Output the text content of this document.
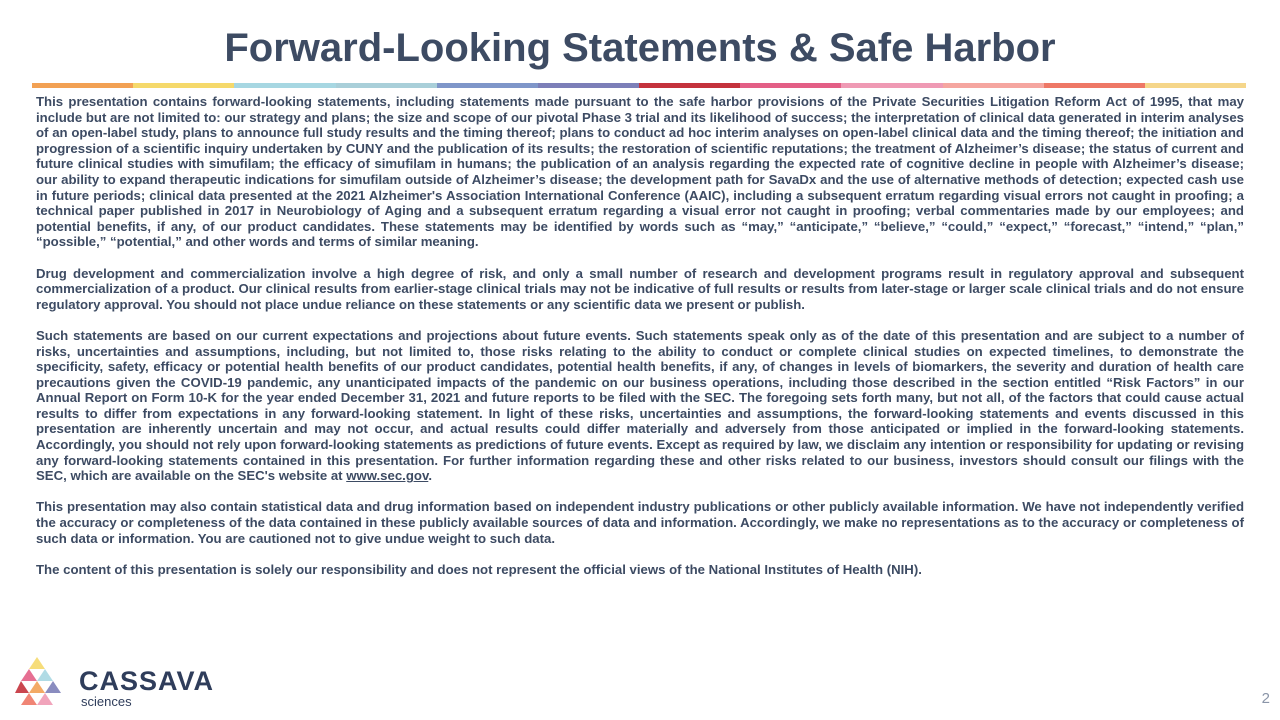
Forward-Looking Statements & Safe Harbor

This presentation contains forward-looking statements, including statements made pursuant to the safe harbor provisions of the Private Securities Litigation Reform Act of 1995, that may include but are not limited to: our strategy and plans; the size and scope of our pivotal Phase 3 trial and its likelihood of success; the interpretation of clinical data generated in interim analyses of an open-label study, plans to announce full study results and the timing thereof; plans to conduct ad hoc interim analyses on open-label clinical data and the timing thereof; the initiation and progression of a scientific inquiry undertaken by CUNY and the publication of its results; the restoration of scientific reputations; the treatment of Alzheimer’s disease; the status of current and future clinical studies with simufilam; the efficacy of simufilam in humans; the publication of an analysis regarding the expected rate of cognitive decline in people with Alzheimer’s disease; our ability to expand therapeutic indications for simufilam outside of Alzheimer’s disease; the development path for SavaDx and the use of alternative methods of detection; expected cash use in future periods; clinical data presented at the 2021 Alzheimer's Association International Conference (AAIC), including a subsequent erratum regarding visual errors not caught in proofing; a technical paper published in 2017 in Neurobiology of Aging and a subsequent erratum regarding a visual error not caught in proofing; verbal commentaries made by our employees; and potential benefits, if any, of our product candidates. These statements may be identified by words such as “may,” “anticipate,” “believe,” “could,” “expect,” “forecast,” “intend,” “plan,” “possible,” “potential,” and other words and terms of similar meaning.

Drug development and commercialization involve a high degree of risk, and only a small number of research and development programs result in regulatory approval and subsequent commercialization of a product. Our clinical results from earlier-stage clinical trials may not be indicative of full results or results from later-stage or larger scale clinical trials and do not ensure regulatory approval. You should not place undue reliance on these statements or any scientific data we present or publish.

Such statements are based on our current expectations and projections about future events. Such statements speak only as of the date of this presentation and are subject to a number of risks, uncertainties and assumptions, including, but not limited to, those risks relating to the ability to conduct or complete clinical studies on expected timelines, to demonstrate the specificity, safety, efficacy or potential health benefits of our product candidates, potential health benefits, if any, of changes in levels of biomarkers, the severity and duration of health care precautions given the COVID-19 pandemic, any unanticipated impacts of the pandemic on our business operations, including those described in the section entitled “Risk Factors” in our Annual Report on Form 10-K for the year ended December 31, 2021 and future reports to be filed with the SEC. The foregoing sets forth many, but not all, of the factors that could cause actual results to differ from expectations in any forward-looking statement. In light of these risks, uncertainties and assumptions, the forward-looking statements and events discussed in this presentation are inherently uncertain and may not occur, and actual results could differ materially and adversely from those anticipated or implied in the forward-looking statements. Accordingly, you should not rely upon forward-looking statements as predictions of future events. Except as required by law, we disclaim any intention or responsibility for updating or revising any forward-looking statements contained in this presentation. For further information regarding these and other risks related to our business, investors should consult our filings with the SEC, which are available on the SEC's website at www.sec.gov.

This presentation may also contain statistical data and drug information based on independent industry publications or other publicly available information. We have not independently verified the accuracy or completeness of the data contained in these publicly available sources of data and information. Accordingly, we make no representations as to the accuracy or completeness of such data or information. You are cautioned not to give undue weight to such data.

The content of this presentation is solely our responsibility and does not represent the official views of the National Institutes of Health (NIH).

CASSAVA
sciences	2
